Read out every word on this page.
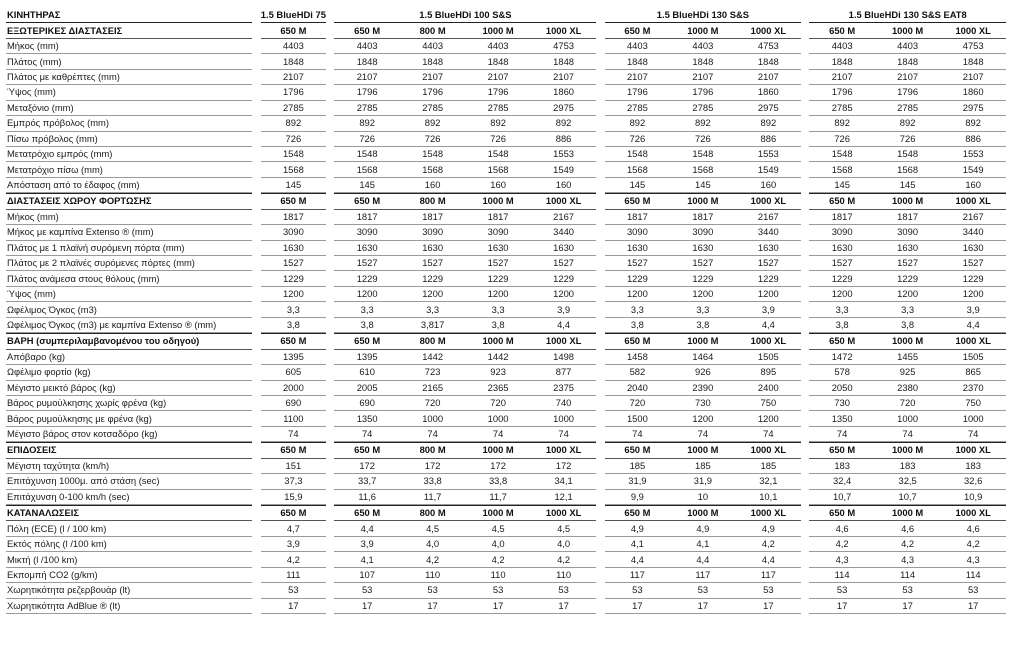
ΚΙΝΗΤΗΡΑΣ		1.5 BlueHDi 75		1.5 BlueHDi 100 S&S					1.5 BlueHDi 130 S&S				1.5 BlueHDi 130 S&S EAT8		
ΕΞΩΤΕΡΙΚΕΣ ΔΙΑΣΤΑΣΕΙΣ		650 M		650 M	800 M	1000 M	1000 XL		650 M	1000 M	1000 XL		650 M	1000 M	1000 XL
Μήκος (mm)		4403		4403	4403	4403	4753		4403	4403	4753		4403	4403	4753
Πλάτος (mm)		1848		1848	1848	1848	1848		1848	1848	1848		1848	1848	1848
Πλάτος με καθρέπτες (mm)		2107		2107	2107	2107	2107		2107	2107	2107		2107	2107	2107
Ύψος (mm)		1796		1796	1796	1796	1860		1796	1796	1860		1796	1796	1860
Μεταξόνιο (mm)		2785		2785	2785	2785	2975		2785	2785	2975		2785	2785	2975
Εμπρός πρόβολος (mm)		892		892	892	892	892		892	892	892		892	892	892
Πίσω πρόβολος (mm)		726		726	726	726	886		726	726	886		726	726	886
Μετατρόχιο εμπρός (mm)		1548		1548	1548	1548	1553		1548	1548	1553		1548	1548	1553
Μετατρόχιο πίσω (mm)		1568		1568	1568	1568	1549		1568	1568	1549		1568	1568	1549
Απόσταση από το έδαφος (mm)		145		145	160	160	160		145	145	160		145	145	160
ΔΙΑΣΤΑΣΕΙΣ ΧΩΡΟΥ ΦΟΡΤΩΣΗΣ		650 M		650 M	800 M	1000 M	1000 XL		650 M	1000 M	1000 XL		650 M	1000 M	1000 XL
Μήκος (mm)		1817		1817	1817	1817	2167		1817	1817	2167		1817	1817	2167
Μήκος με καμπίνα Extenso ® (mm)		3090		3090	3090	3090	3440		3090	3090	3440		3090	3090	3440
Πλάτος με 1 πλαϊνή συρόμενη πόρτα (mm)		1630		1630	1630	1630	1630		1630	1630	1630		1630	1630	1630
Πλάτος με 2 πλαϊνές συρόμενες πόρτες (mm)		1527		1527	1527	1527	1527		1527	1527	1527		1527	1527	1527
Πλάτος ανάμεσα στους θόλους (mm)		1229		1229	1229	1229	1229		1229	1229	1229		1229	1229	1229
Ύψος (mm)		1200		1200	1200	1200	1200		1200	1200	1200		1200	1200	1200
Ωφέλιμος Όγκος (m3)		3,3		3,3	3,3	3,3	3,9		3,3	3,3	3,9		3,3	3,3	3,9
Ωφέλιμος Όγκος (m3) με καμπίνα Extenso ® (mm)		3,8		3,8	3,817	3,8	4,4		3,8	3,8	4,4		3,8	3,8	4,4
ΒΑΡΗ (συμπεριλαμβανομένου του οδηγού)		650 M		650 M	800 M	1000 M	1000 XL		650 M	1000 M	1000 XL		650 M	1000 M	1000 XL
Απόβαρο (kg)		1395		1395	1442	1442	1498		1458	1464	1505		1472	1455	1505
Ωφέλιμο φορτίο (kg)		605		610	723	923	877		582	926	895		578	925	865
Μέγιστο μεικτό βάρος (kg)		2000		2005	2165	2365	2375		2040	2390	2400		2050	2380	2370
Βάρος ρυμούλκησης χωρίς φρένα (kg)		690		690	720	720	740		720	730	750		730	720	750
Βάρος ρυμούλκησης με φρένα (kg)		1100		1350	1000	1000	1000		1500	1200	1200		1350	1000	1000
Μέγιστο βάρος στον κοτσαδόρο (kg)		74		74	74	74	74		74	74	74		74	74	74
ΕΠΙΔΟΣΕΙΣ		650 M		650 M	800 M	1000 M	1000 XL		650 M	1000 M	1000 XL		650 M	1000 M	1000 XL
Μέγιστη ταχύτητα (km/h)		151		172	172	172	172		185	185	185		183	183	183
Επιτάχυνση 1000μ. από στάση (sec)		37,3		33,7	33,8	33,8	34,1		31,9	31,9	32,1		32,4	32,5	32,6
Επιτάχυνση 0-100 km/h (sec)		15,9		11,6	11,7	11,7	12,1		9,9	10	10,1		10,7	10,7	10,9
ΚΑΤΑΝΑΛΩΣΕΙΣ		650 M		650 M	800 M	1000 M	1000 XL		650 M	1000 M	1000 XL		650 M	1000 M	1000 XL
Πόλη (ECE) (l / 100 km)		4,7		4,4	4,5	4,5	4,5		4,9	4,9	4,9		4,6	4,6	4,6
Εκτός πόλης (l /100 km)		3,9		3,9	4,0	4,0	4,0		4,1	4,1	4,2		4,2	4,2	4,2
Μικτή (l /100 km)		4,2		4,1	4,2	4,2	4,2		4,4	4,4	4,4		4,3	4,3	4,3
Εκπομπή CO2 (g/km)		111		107	110	110	110		117	117	117		114	114	114
Χωρητικότητα ρεζερβουάρ (lt)		53		53	53	53	53		53	53	53		53	53	53
Χωρητικότητα AdBlue ® (lt)		17		17	17	17	17		17	17	17		17	17	17
